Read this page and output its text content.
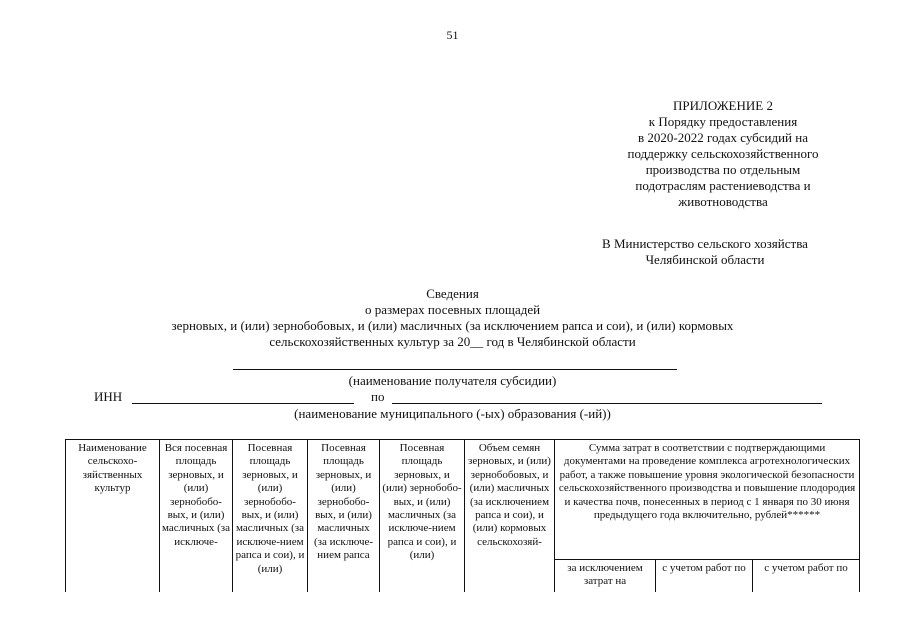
51
ПРИЛОЖЕНИЕ 2
к Порядку предоставления
в 2020-2022 годах субсидий на
поддержку сельскохозяйственного
производства по отдельным
подотраслям растениеводства и
животноводства
В Министерство сельского хозяйства
Челябинской области
Сведения
о размерах посевных площадей
зерновых, и (или) зернобобовых, и (или) масличных (за исключением рапса и сои), и (или) кормовых
сельскохозяйственных культур за 20__ год в Челябинской области
(наименование получателя субсидии)
ИНН	по
(наименование муниципального (-ых) образования (-ий))
Наименование сельскохо-зяйственных культур	Вся посевная площадь зерновых, и (или) зернобобо-вых, и (или) масличных (за исключе-	Посевная площадь зерновых, и (или) зернобобо-вых, и (или) масличных (за исключе-нием рапса и сои), и (или)	Посевная площадь зерновых, и (или) зернобобо-вых, и (или) масличных (за исключе-нием рапса	Посевная площадь зерновых, и (или) зернобобо-вых, и (или) масличных (за исключе-нием рапса и сои), и (или)	Объем семян зерновых, и (или) зернобобовых, и (или) масличных (за исключением рапса и сои), и (или) кормовых сельскохозяй-	Сумма затрат в соответствии с подтверждающими документами на проведение комплекса агротехнологических работ, а также повышение уровня экологической безопасности сельскохозяйственного производства и повышение плодородия и качества почв, понесенных в период с 1 января по 30 июня предыдущего года включительно, рублей******		
						за исключением затрат на	с учетом работ по	с учетом работ по
